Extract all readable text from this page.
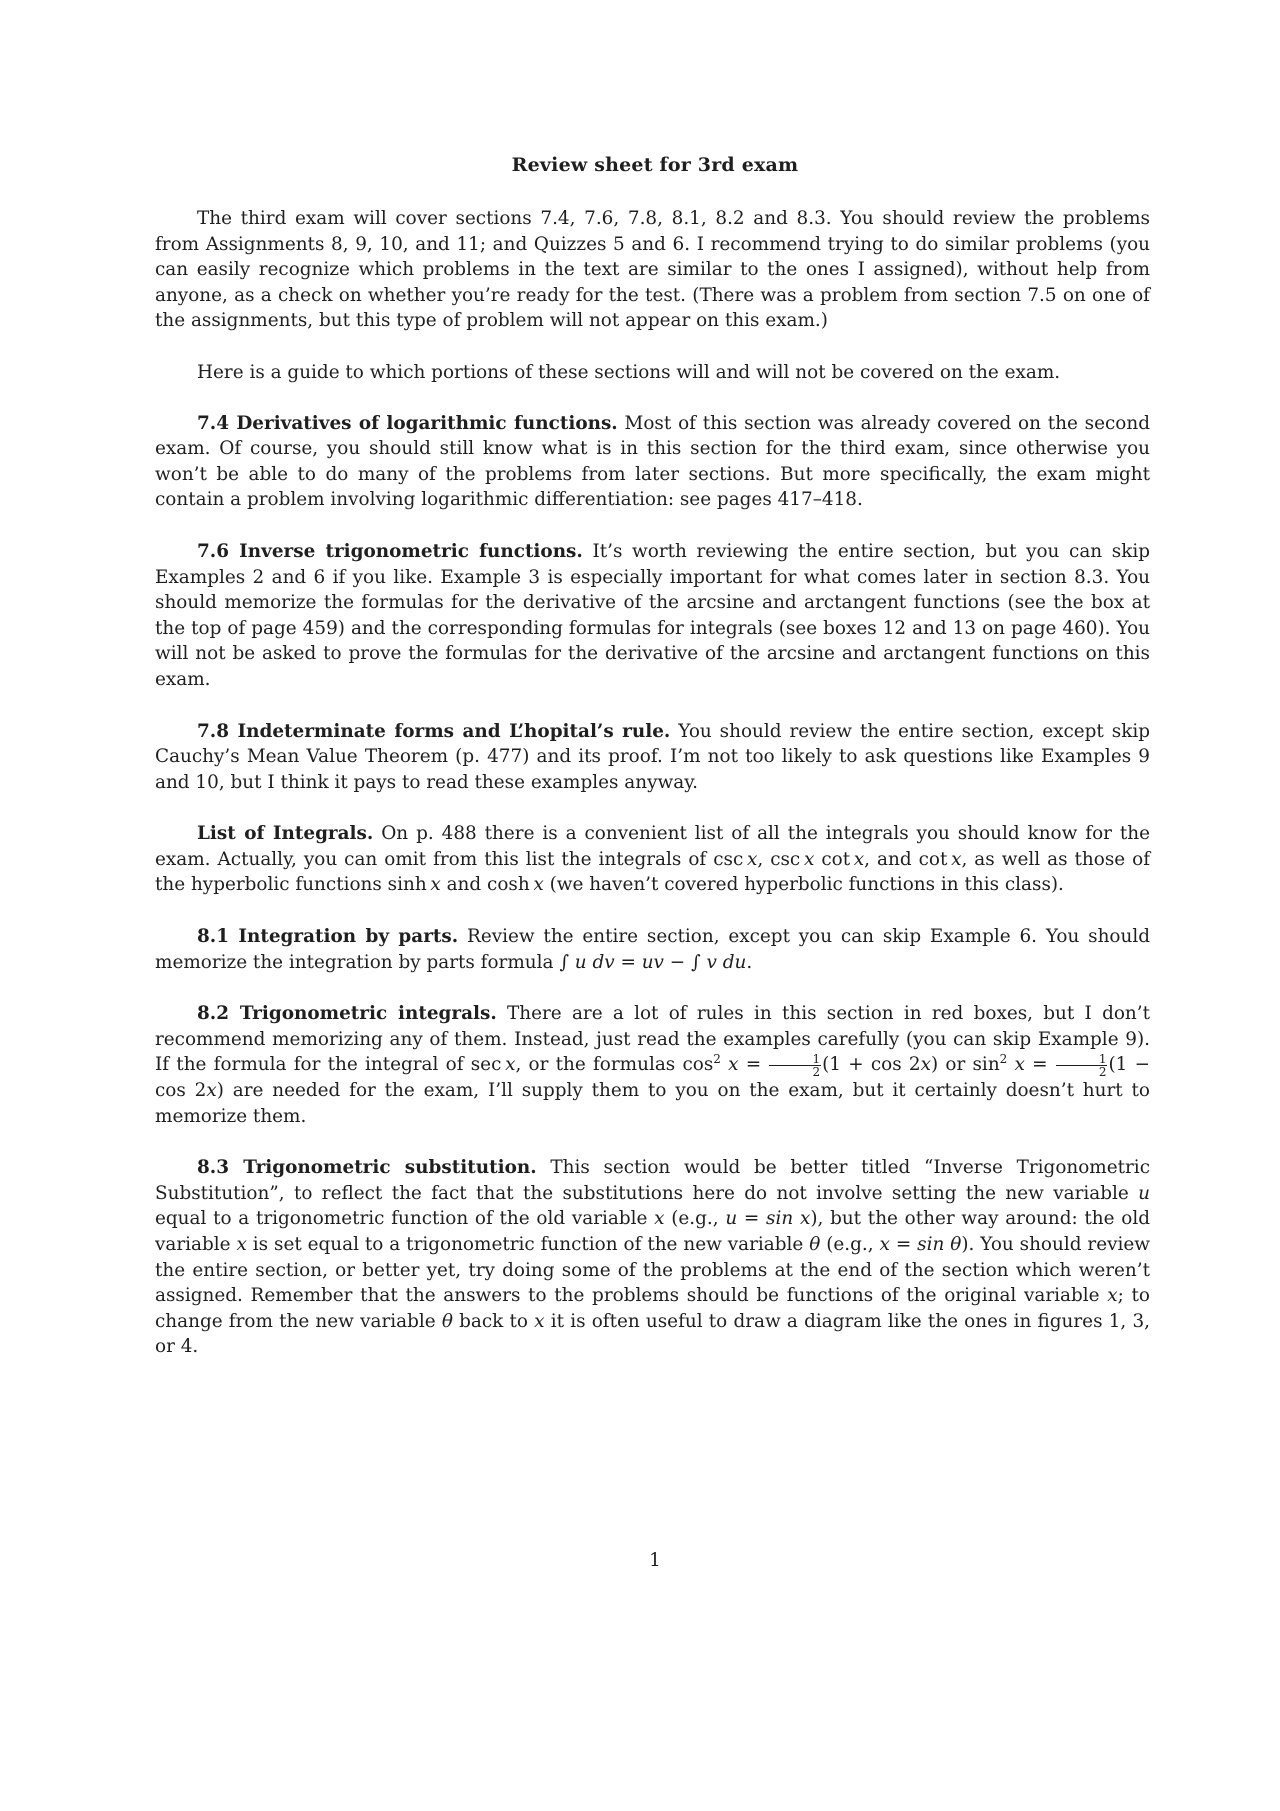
Review sheet for 3rd exam

The third exam will cover sections 7.4, 7.6, 7.8, 8.1, 8.2 and 8.3. You should review the problems from Assignments 8, 9, 10, and 11; and Quizzes 5 and 6. I recommend trying to do similar problems (you can easily recognize which problems in the text are similar to the ones I assigned), without help from anyone, as a check on whether you’re ready for the test. (There was a problem from section 7.5 on one of the assignments, but this type of problem will not appear on this exam.)

Here is a guide to which portions of these sections will and will not be covered on the exam.

7.4 Derivatives of logarithmic functions. Most of this section was already covered on the second exam. Of course, you should still know what is in this section for the third exam, since otherwise you won’t be able to do many of the problems from later sections. But more specifically, the exam might contain a problem involving logarithmic differentiation: see pages 417–418.

7.6 Inverse trigonometric functions. It’s worth reviewing the entire section, but you can skip Examples 2 and 6 if you like. Example 3 is especially important for what comes later in section 8.3. You should memorize the formulas for the derivative of the arcsine and arctangent functions (see the box at the top of page 459) and the corresponding formulas for integrals (see boxes 12 and 13 on page 460). You will not be asked to prove the formulas for the derivative of the arcsine and arctangent functions on this exam.

7.8 Indeterminate forms and L’hopital’s rule. You should review the entire section, except skip Cauchy’s Mean Value Theorem (p. 477) and its proof. I’m not too likely to ask questions like Examples 9 and 10, but I think it pays to read these examples anyway.

List of Integrals. On p. 488 there is a convenient list of all the integrals you should know for the exam. Actually, you can omit from this list the integrals of csc  x, csc  x cot  x, and cot  x, as well as those of the hyperbolic functions sinh  x and cosh  x (we haven’t covered hyperbolic functions in this class).

8.1 Integration by parts. Review the entire section, except you can skip Example 6. You should memorize the integration by parts formula ∫ u dv = uv − ∫ v du.

8.2 Trigonometric integrals. There are a lot of rules in this section in red boxes, but I don’t recommend memorizing any of them. Instead, just read the examples carefully (you can skip Example 9). If the formula for the integral of sec  x, or the formulas $\cos^2 x = \frac{1}{2} (1 + \cos 2x)$ or $\sin^2 x = \frac{1}{2} (1 - \cos 2x)$ are needed for the exam, I’ll supply them to you on the exam, but it certainly doesn’t hurt to memorize them.

8.3 Trigonometric substitution. This section would be better titled “Inverse Trigonometric Substitution”, to reflect the fact that the substitutions here do not involve setting the new variable u equal to a trigonometric function of the old variable x (e.g., u = sin x), but the other way around: the old variable x is set equal to a trigonometric function of the new variable θ (e.g., x = sin θ). You should review the entire section, or better yet, try doing some of the problems at the end of the section which weren’t assigned. Remember that the answers to the problems should be functions of the original variable x; to change from the new variable θ back to x it is often useful to draw a diagram like the ones in figures 1, 3, or 4.

1
